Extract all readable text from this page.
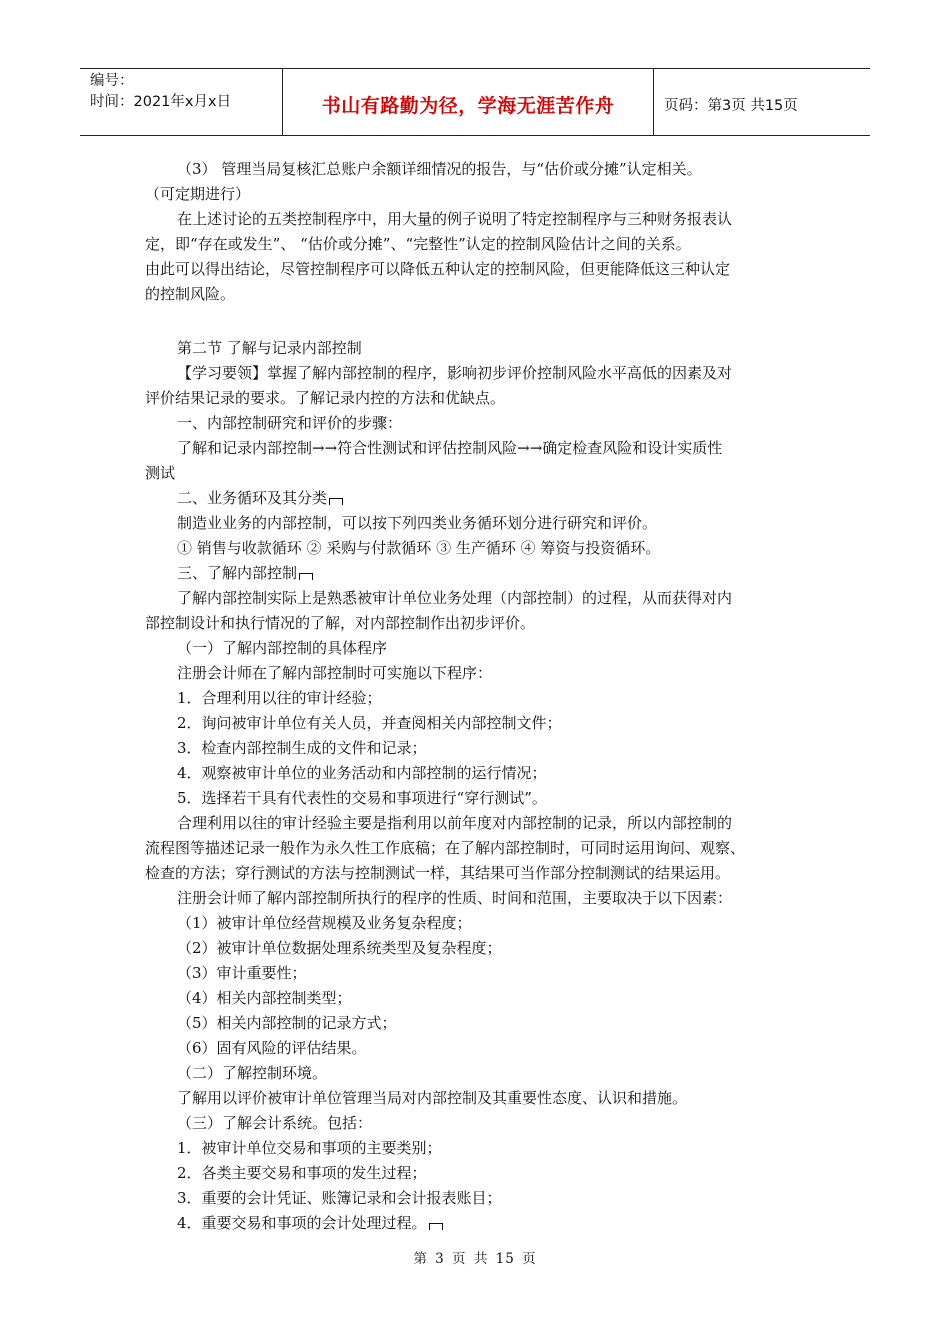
编号：
时间：2021年x月x日	书山有路勤为径，学海无涯苦作舟	页码：第3页 共15页
（3） 管理当局复核汇总账户余额详细情况的报告，与“估价或分摊”认定相关。
（可定期进行）
在上述讨论的五类控制程序中，用大量的例子说明了特定控制程序与三种财务报表认
定，即“存在或发生”、 “估价或分摊”、“完整性”认定的控制风险估计之间的关系。
由此可以得出结论，尽管控制程序可以降低五种认定的控制风险，但更能降低这三种认定
的控制风险。
第二节 了解与记录内部控制
【学习要领】掌握了解内部控制的程序，影响初步评价控制风险水平高低的因素及对
评价结果记录的要求。了解记录内控的方法和优缺点。
一、内部控制研究和评价的步骤：
了解和记录内部控制→→符合性测试和评估控制风险→→确定检查风险和设计实质性
测试
二、业务循环及其分类
制造业业务的内部控制，可以按下列四类业务循环划分进行研究和评价。
① 销售与收款循环 ② 采购与付款循环 ③ 生产循环 ④ 筹资与投资循环。
三、了解内部控制
了解内部控制实际上是熟悉被审计单位业务处理（内部控制）的过程，从而获得对内
部控制设计和执行情况的了解，对内部控制作出初步评价。
（一）了解内部控制的具体程序
注册会计师在了解内部控制时可实施以下程序：
1．合理利用以往的审计经验；
2．询问被审计单位有关人员，并查阅相关内部控制文件；
3．检查内部控制生成的文件和记录；
4．观察被审计单位的业务活动和内部控制的运行情况；
5．选择若干具有代表性的交易和事项进行“穿行测试”。
合理利用以往的审计经验主要是指利用以前年度对内部控制的记录，所以内部控制的
流程图等描述记录一般作为永久性工作底稿；在了解内部控制时，可同时运用询问、观察、
检查的方法；穿行测试的方法与控制测试一样，其结果可当作部分控制测试的结果运用。
注册会计师了解内部控制所执行的程序的性质、时间和范围，主要取决于以下因素：
（1）被审计单位经营规模及业务复杂程度；
（2）被审计单位数据处理系统类型及复杂程度；
（3）审计重要性；
（4）相关内部控制类型；
（5）相关内部控制的记录方式；
（6）固有风险的评估结果。
（二）了解控制环境。
了解用以评价被审计单位管理当局对内部控制及其重要性态度、认识和措施。
（三）了解会计系统。包括：
1．被审计单位交易和事项的主要类别；
2．各类主要交易和事项的发生过程；
3．重要的会计凭证、账簿记录和会计报表账目；
4．重要交易和事项的会计处理过程。
第 3 页 共 15 页
